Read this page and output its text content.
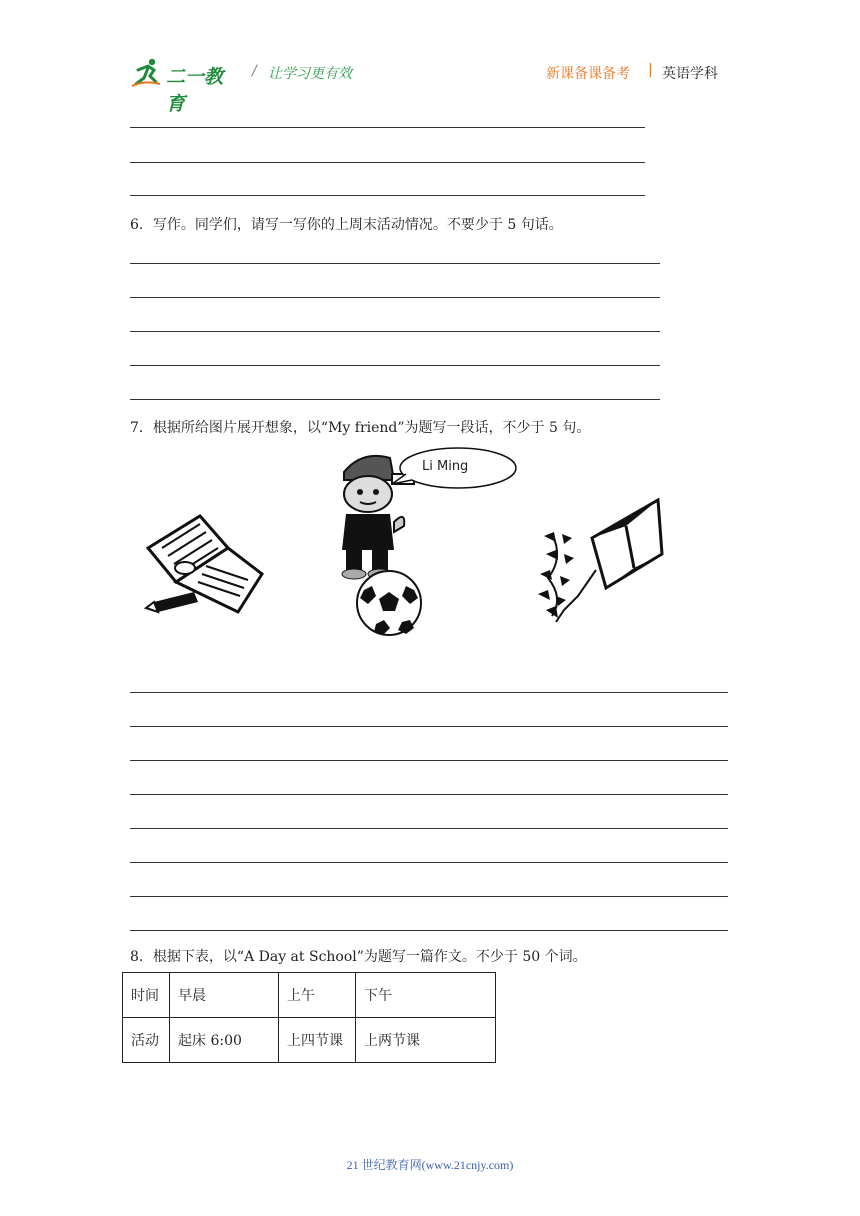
二一教育
/ 让学习更有效	新课备课备考 | 英语学科
6．写作。同学们，请写一写你的上周末活动情况。不要少于 5 句话。
7．根据所给图片展开想象，以“My friend”为题写一段话，不少于 5 句。
Li Ming
8．根据下表，以“A Day at School”为题写一篇作文。不少于 50 个词。
时间	早晨	上午	下午
活动	起床 6:00	上四节课	上两节课
21 世纪教育网(www.21cnjy.com)
